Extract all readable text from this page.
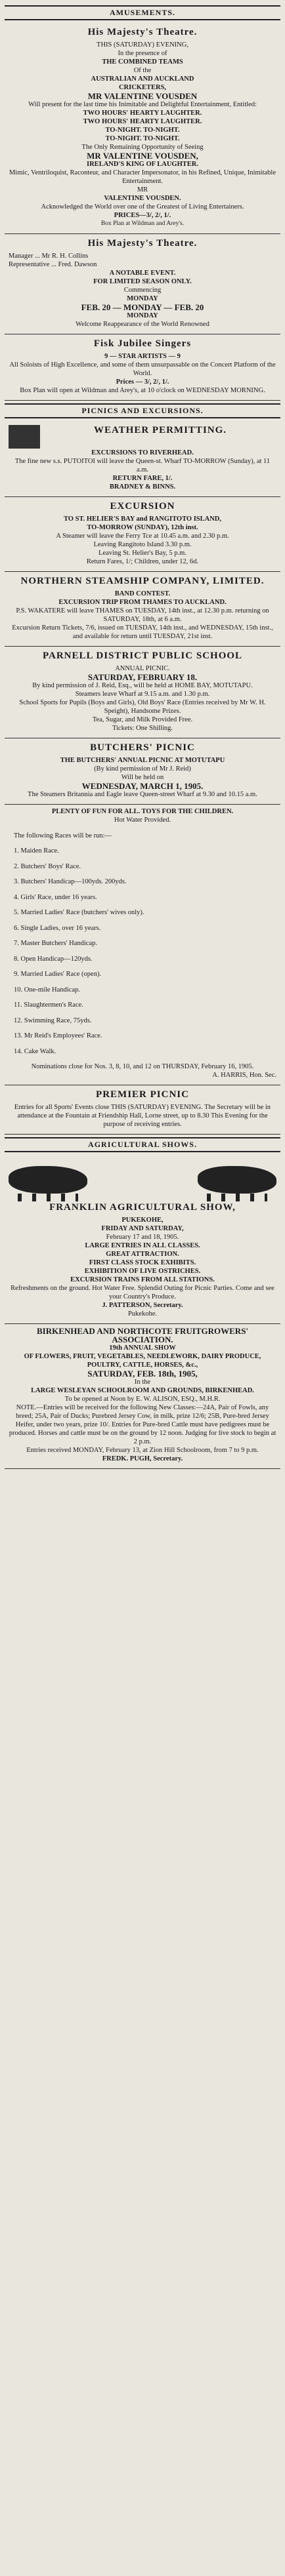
AMUSEMENTS.

His Majesty's Theatre.

THIS (SATURDAY) EVENING,

In the presence of

THE COMBINED TEAMS

Of the

AUSTRALIAN AND AUCKLAND

CRICKETERS,

MR VALENTINE VOUSDEN

Will present for the last time his Inimitable and Delightful Entertainment, Entitled:

TWO HOURS' HEARTY LAUGHTER.

TWO HOURS' HEARTY LAUGHTER.

TO-NIGHT. TO-NIGHT.

TO-NIGHT. TO-NIGHT.

The Only Remaining Opportunity of Seeing

MR VALENTINE VOUSDEN,

IRELAND'S KING OF LAUGHTER.

Mimic, Ventriloquist, Raconteur, and Character Impersonator, in his Refined, Unique, Inimitable Entertainment.

MR

VALENTINE VOUSDEN.

Acknowledged the World over one of the Greatest of Living Entertainers.

PRICES—3/, 2/, 1/.

Box Plan at Wildman and Arey's.

His Majesty's Theatre.

Manager ... Mr R. H. Collins

Representative ... Fred. Dawson

A NOTABLE EVENT.

FOR LIMITED SEASON ONLY.

Commencing

MONDAY

FEB. 20 — MONDAY — FEB. 20

MONDAY

Welcome Reappearance of the World Renowned

Fisk Jubilee Singers

9 — STAR ARTISTS — 9

All Soloists of High Excellence, and some of them unsurpassable on the Concert Platform of the World.

Prices — 3/, 2/, 1/.

Box Plan will open at Wildman and Arey's, at 10 o'clock on WEDNESDAY MORNING.

PICNICS AND EXCURSIONS.

WEATHER PERMITTING.

EXCURSIONS TO RIVERHEAD.

The fine new s.s. PUTOITOI will leave the Queen-st. Wharf TO-MORROW (Sunday), at 11 a.m.

RETURN FARE, 1/.

BRADNEY & BINNS.

EXCURSION

TO ST. HELIER'S BAY and RANGITOTO ISLAND,

TO-MORROW (SUNDAY), 12th inst.

A Steamer will leave the Ferry Tce at 10.45 a.m. and 2.30 p.m.

Leaving Rangitoto Island 3.30 p.m.

Leaving St. Helier's Bay, 5 p.m.

Return Fares, 1/; Children, under 12, 6d.

NORTHERN STEAMSHIP COMPANY, LIMITED.

BAND CONTEST.

EXCURSION TRIP FROM THAMES TO AUCKLAND.

P.S. WAKATERE will leave THAMES on TUESDAY, 14th inst., at 12.30 p.m. returning on SATURDAY, 18th, at 6 a.m.

Excursion Return Tickets, 7/6, issued on TUESDAY, 14th inst., and WEDNESDAY, 15th inst., and available for return until TUESDAY, 21st inst.

PARNELL DISTRICT PUBLIC SCHOOL

ANNUAL PICNIC.

SATURDAY, FEBRUARY 18.

By kind permission of J. Reid, Esq., will be held at HOME BAY, MOTUTAPU.

Steamers leave Wharf at 9.15 a.m. and 1.30 p.m.

School Sports for Pupils (Boys and Girls), Old Boys' Race (Entries received by Mr W. H. Speight), Handsome Prizes.

Tea, Sugar, and Milk Provided Free.

Tickets: One Shilling.

BUTCHERS' PICNIC

THE BUTCHERS' ANNUAL PICNIC AT MOTUTAPU

(By kind permission of Mr J. Reid)

Will be held on

WEDNESDAY, MARCH 1, 1905.

The Steamers Britannia and Eagle leave Queen-street Wharf at 9.30 and 10.15 a.m.

PLENTY OF FUN FOR ALL. TOYS FOR THE CHILDREN.

Hot Water Provided.

The following Races will be run:—

1. Maiden Race.

2. Butchers' Boys' Race.

3. Butchers' Handicap—100yds. 200yds.

4. Girls' Race, under 16 years.

5. Married Ladies' Race (butchers' wives only).

6. Single Ladies, over 16 years.

7. Master Butchers' Handicap.

8. Open Handicap—120yds.

9. Married Ladies' Race (open).

10. One-mile Handicap.

11. Slaughtermen's Race.

12. Swimming Race, 75yds.

13. Mr Reid's Employees' Race.

14. Cake Walk.

Nominations close for Nos. 3, 8, 10, and 12 on THURSDAY, February 16, 1905.

A. HARRIS, Hon. Sec.

PREMIER PICNIC

Entries for all Sports' Events close THIS (SATURDAY) EVENING. The Secretary will be in attendance at the Fountain at Friendship Hall, Lorne street, up to 8.30 This Evening for the purpose of receiving entries.

AGRICULTURAL SHOWS.

FRANKLIN AGRICULTURAL SHOW,

PUKEKOHE,

FRIDAY AND SATURDAY,

February 17 and 18, 1905.

LARGE ENTRIES IN ALL CLASSES.

GREAT ATTRACTION.

FIRST CLASS STOCK EXHIBITS.

EXHIBITION OF LIVE OSTRICHES.

EXCURSION TRAINS FROM ALL STATIONS.

Refreshments on the ground. Hot Water Free. Splendid Outing for Picnic Parties. Come and see your Country's Produce.

J. PATTERSON, Secretary.

Pukekohe.

BIRKENHEAD AND NORTHCOTE FRUITGROWERS' ASSOCIATION.

19th ANNUAL SHOW

OF FLOWERS, FRUIT, VEGETABLES, NEEDLEWORK, DAIRY PRODUCE, POULTRY, CATTLE, HORSES, &c.,

SATURDAY, FEB. 18th, 1905,

In the

LARGE WESLEYAN SCHOOLROOM AND GROUNDS, BIRKENHEAD.

To be opened at Noon by E. W. ALISON, ESQ., M.H.R.

NOTE.—Entries will be received for the following New Classes:—24A, Pair of Fowls, any breed; 25A, Pair of Ducks; Purebred Jersey Cow, in milk, prize 12/6; 25B, Pure-bred Jersey Heifer, under two years, prize 10/. Entries for Pure-bred Cattle must have pedigrees must be produced. Horses and cattle must be on the ground by 12 noon. Judging for live stock to begin at 2 p.m.

Entries received MONDAY, February 13, at Zion Hill Schoolroom, from 7 to 9 p.m.

FREDK. PUGH, Secretary.
